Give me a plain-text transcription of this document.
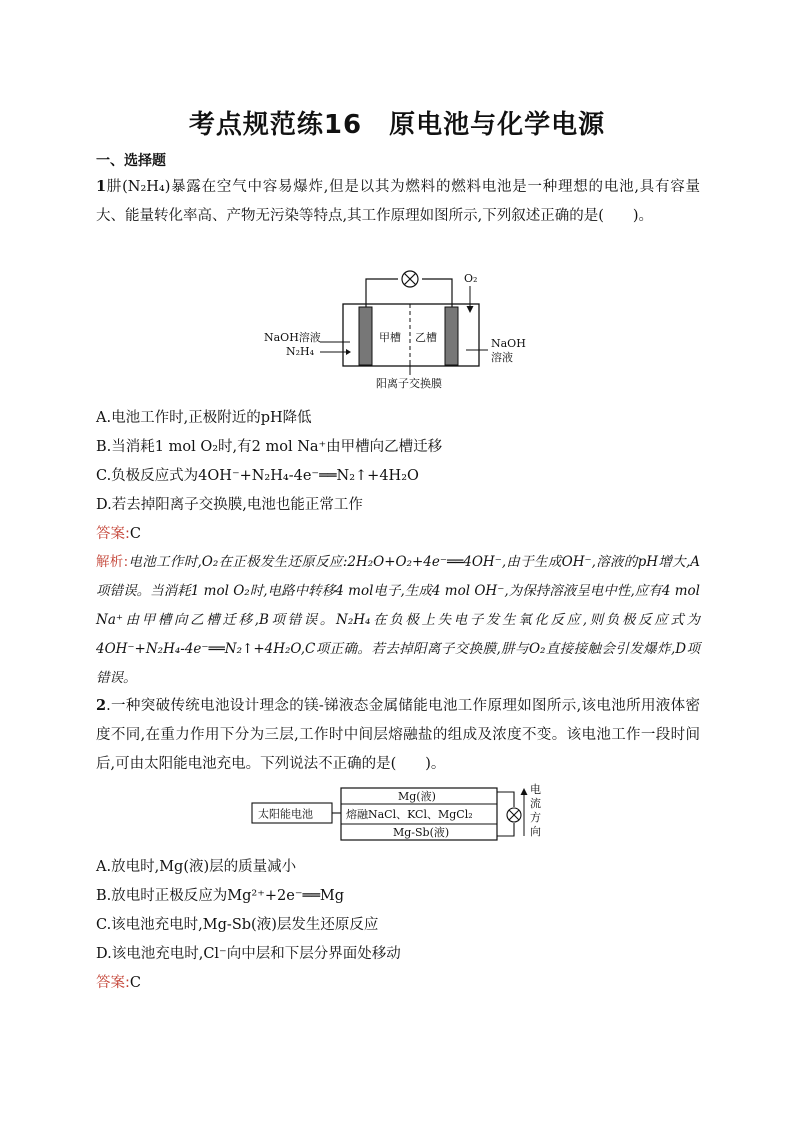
考点规范练16　原电池与化学电源
一、选择题

1肼(N₂H₄)暴露在空气中容易爆炸,但是以其为燃料的燃料电池是一种理想的电池,具有容量大、能量转化率高、产物无污染等特点,其工作原理如图所示,下列叙述正确的是(　　)。

O₂
NaOH溶液
N₂H₄
甲槽 乙槽	NaOH
溶液
阳离子交换膜
A.电池工作时,正极附近的pH降低
B.当消耗1 mol O₂时,有2 mol Na⁺由甲槽向乙槽迁移
C.负极反应式为4OH⁻+N₂H₄-4e⁻══N₂↑+4H₂O
D.若去掉阳离子交换膜,电池也能正常工作
答案:C

解析:电池工作时,O₂在正极发生还原反应:2H₂O+O₂+4e⁻══4OH⁻,由于生成OH⁻,溶液的pH增大,A项错误。当消耗1 mol O₂时,电路中转移4 mol电子,生成4 mol OH⁻,为保持溶液呈电中性,应有4 mol Na⁺由甲槽向乙槽迁移,B项错误。N₂H₄在负极上失电子发生氧化反应,则负极反应式为4OH⁻+N₂H₄-4e⁻══N₂↑+4H₂O,C项正确。若去掉阳离子交换膜,肼与O₂直接接触会引发爆炸,D项错误。

2.一种突破传统电池设计理念的镁-锑液态金属储能电池工作原理如图所示,该电池所用液体密度不同,在重力作用下分为三层,工作时中间层熔融盐的组成及浓度不变。该电池工作一段时间后,可由太阳能电池充电。下列说法不正确的是(　　)。

太阳能电池
Mg(液)
熔融NaCl、KCl、MgCl₂
Mg-Sb(液)
电
流
方
向
A.放电时,Mg(液)层的质量减小
B.放电时正极反应为Mg²⁺+2e⁻══Mg
C.该电池充电时,Mg-Sb(液)层发生还原反应
D.该电池充电时,Cl⁻向中层和下层分界面处移动
答案:C
